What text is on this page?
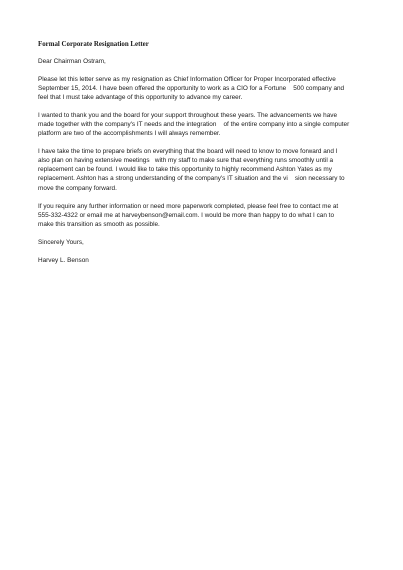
Formal Corporate Resignation Letter
Dear Chairman Ostram,
Please let this letter serve as my resignation as Chief Information Officer for Proper Incorporated effective
September 15, 2014. I have been offered the opportunity to work as a CIO for a Fortune    500 company and
feel that I must take advantage of this opportunity to advance my career.
I wanted to thank you and the board for your support throughout these years. The advancements we have
made together with the company's IT needs and the integration    of the entire company into a single computer
platform are two of the accomplishments I will always remember.
I have take the time to prepare briefs on everything that the board will need to know to move forward and I
also plan on having extensive meetings   with my staff to make sure that everything runs smoothly until a
replacement can be found. I would like to take this opportunity to highly recommend Ashton Yates as my
replacement. Ashton has a strong understanding of the company's IT situation and the vi    sion necessary to
move the company forward.
If you require any further information or need more paperwork completed, please feel free to contact me at
555-332-4322 or email me at harveybenson@email.com. I would be more than happy to do what I can to
make this transition as smooth as possible.
Sincerely Yours,
Harvey L. Benson
